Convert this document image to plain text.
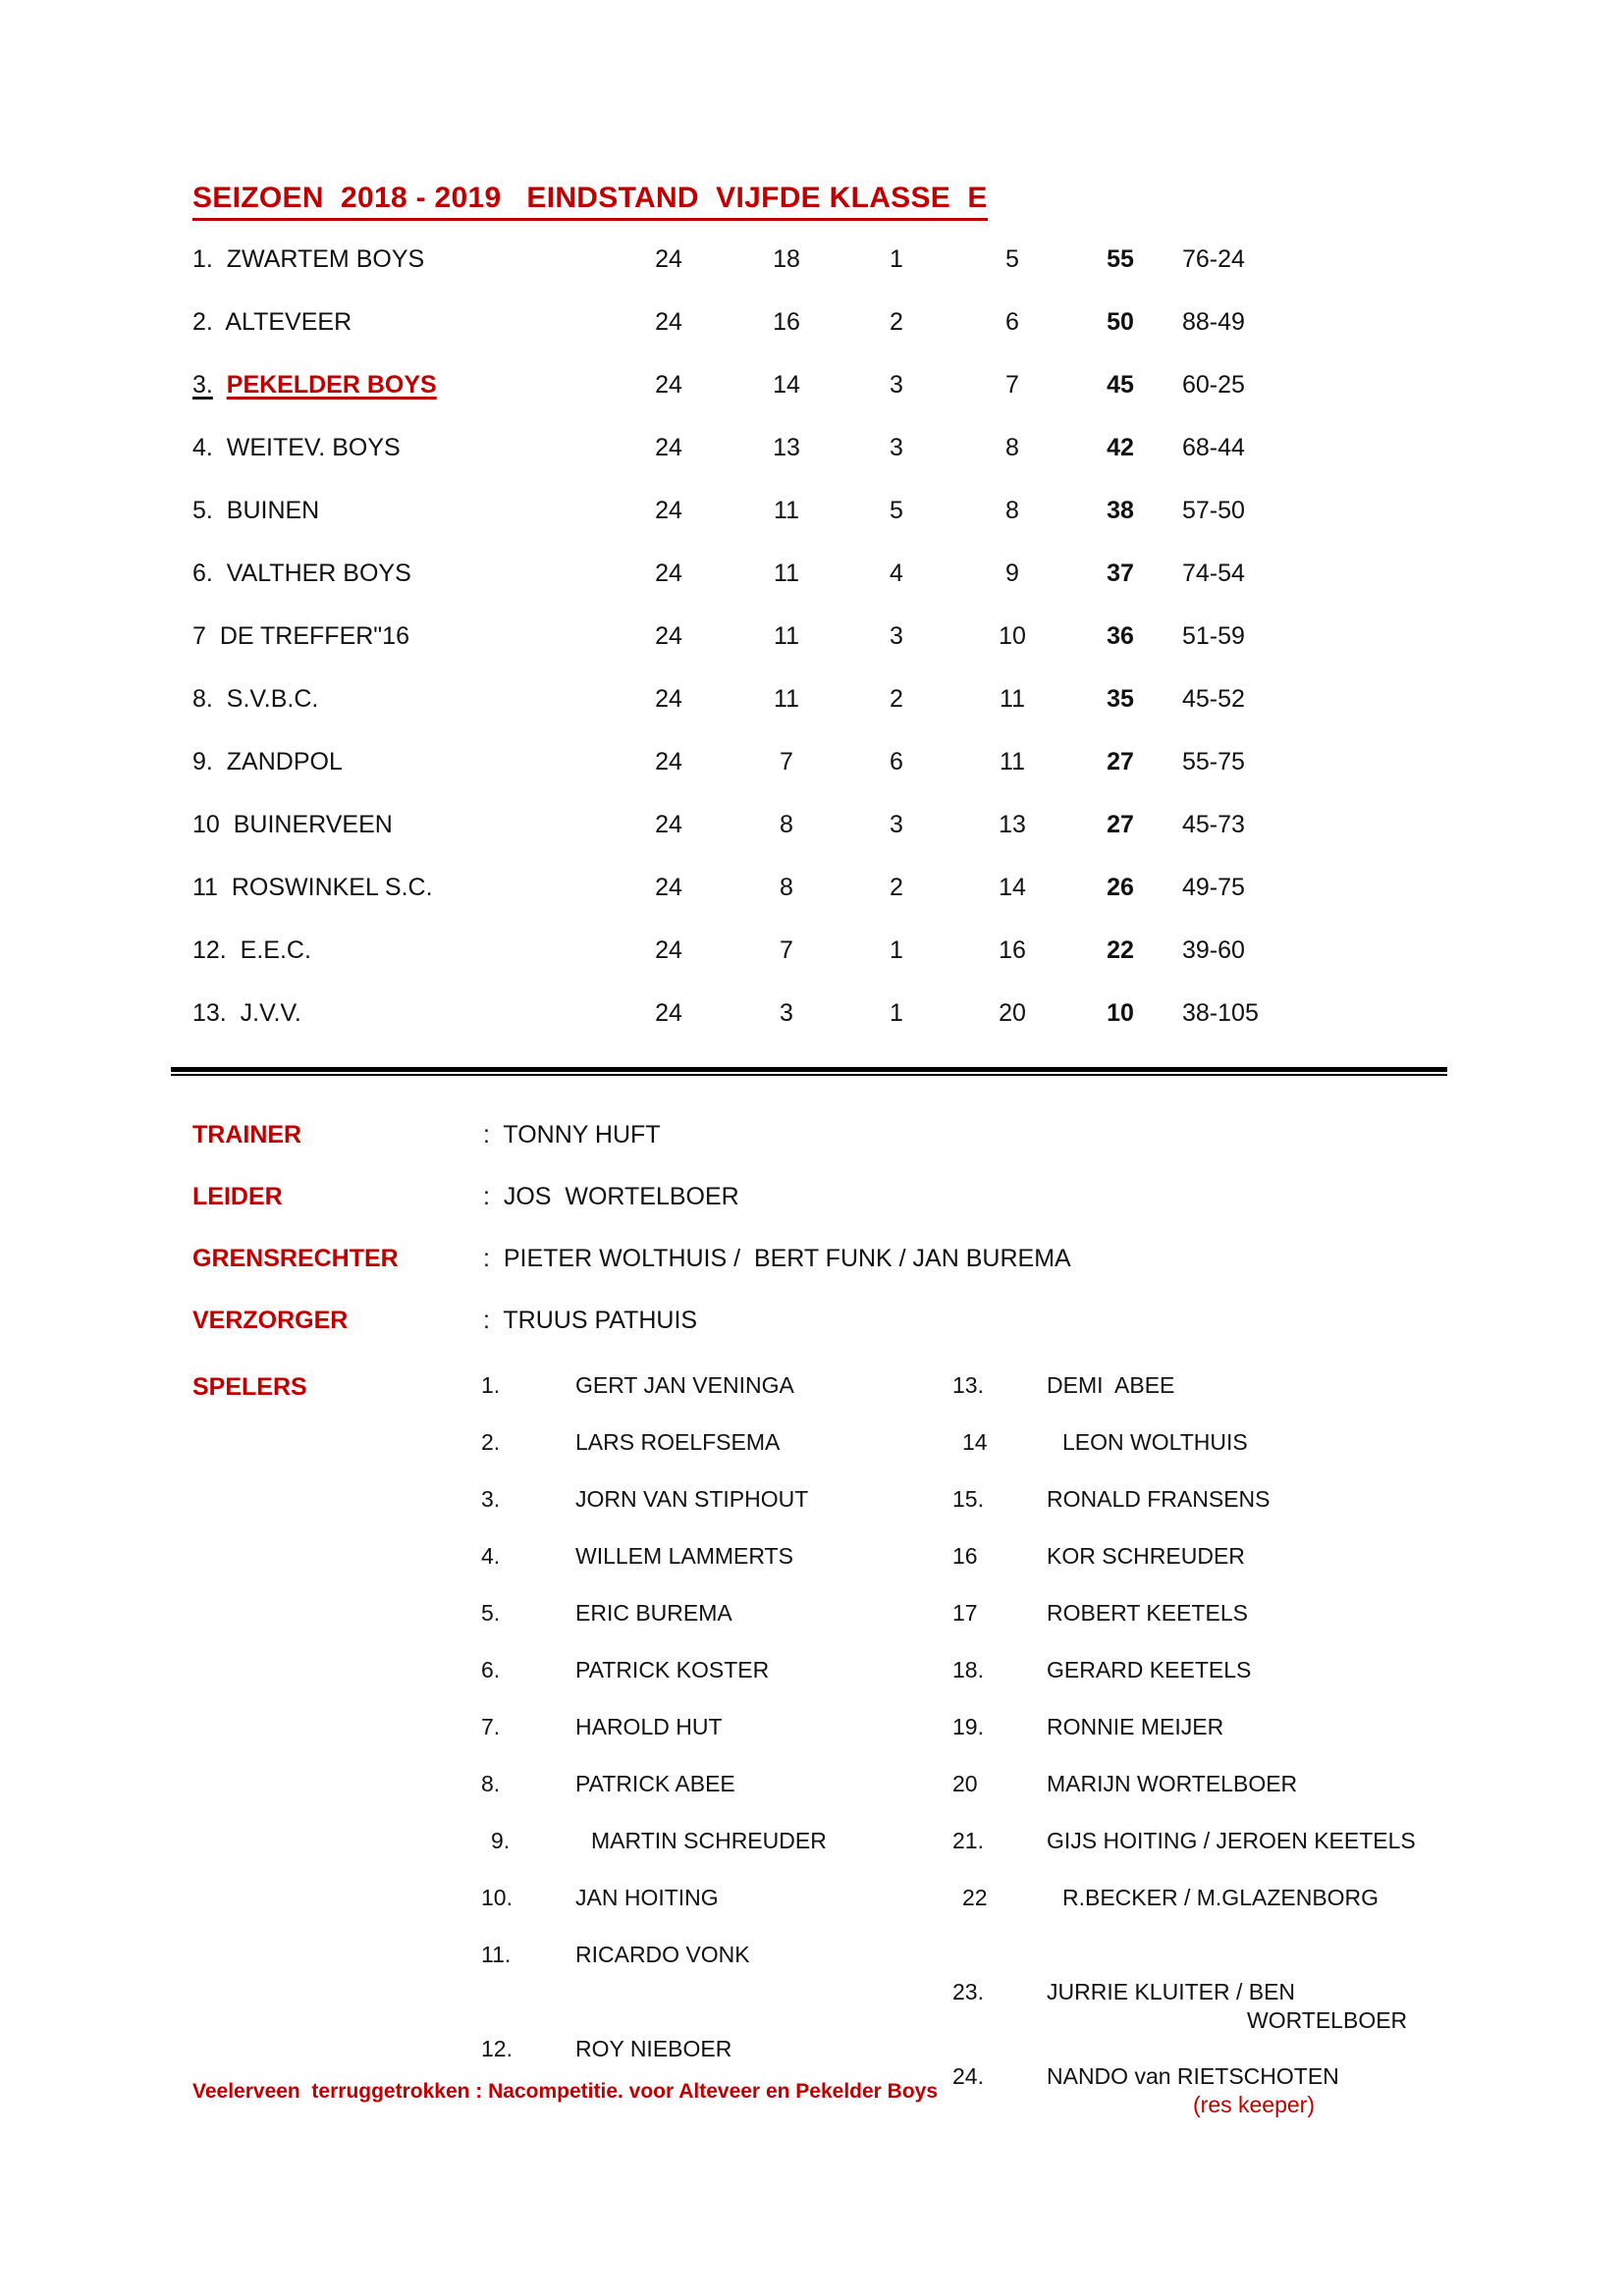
SEIZOEN  2018 - 2019   EINDSTAND  VIJFDE KLASSE  E
1. ZWARTEM BOYS	24	18	1	5	55	76-24
2. ALTEVEER	24	16	2	6	50	88-49
3. PEKELDER BOYS	24	14	3	7	45	60-25
4. WEITEV. BOYS	24	13	3	8	42	68-44
5. BUINEN	24	11	5	8	38	57-50
6. VALTHER BOYS	24	11	4	9	37	74-54
7 DE TREFFER"16	24	11	3	10	36	51-59
8. S.V.B.C.	24	11	2	11	35	45-52
9. ZANDPOL	24	7	6	11	27	55-75
10 BUINERVEEN	24	8	3	13	27	45-73
11 ROSWINKEL S.C.	24	8	2	14	26	49-75
12. E.E.C.	24	7	1	16	22	39-60
13. J.V.V.	24	3	1	20	10	38-105
TRAINER	:  TONNY HUFT
LEIDER	:  JOS  WORTELBOER
GRENSRECHTER	:  PIETER WOLTHUIS /  BERT FUNK / JAN BUREMA
VERZORGER	:  TRUUS PATHUIS
SPELERS	1.	GERT JAN VENINGA
2.	LARS ROELFSEMA
3.	JORN VAN STIPHOUT
4.	WILLEM LAMMERTS
5.	ERIC BUREMA
6.	PATRICK KOSTER
7.	HAROLD HUT
8.	PATRICK ABEE
9.	MARTIN SCHREUDER
10.	JAN HOITING
11.	RICARDO VONK
12.	ROY NIEBOER
13.	DEMI  ABEE
14	LEON WOLTHUIS
15.	RONALD FRANSENS
16	KOR SCHREUDER
17	ROBERT KEETELS
18.	GERARD KEETELS
19.	RONNIE MEIJER
20	MARIJN WORTELBOER
21.	GIJS HOITING / JEROEN KEETELS
22	R.BECKER / M.GLAZENBORG
23.	JURRIE KLUITER / BEN
WORTELBOER
24.	NANDO van RIETSCHOTEN
(res keeper)
Veelerveen  terruggetrokken : Nacompetitie. voor Alteveer en Pekelder Boys
